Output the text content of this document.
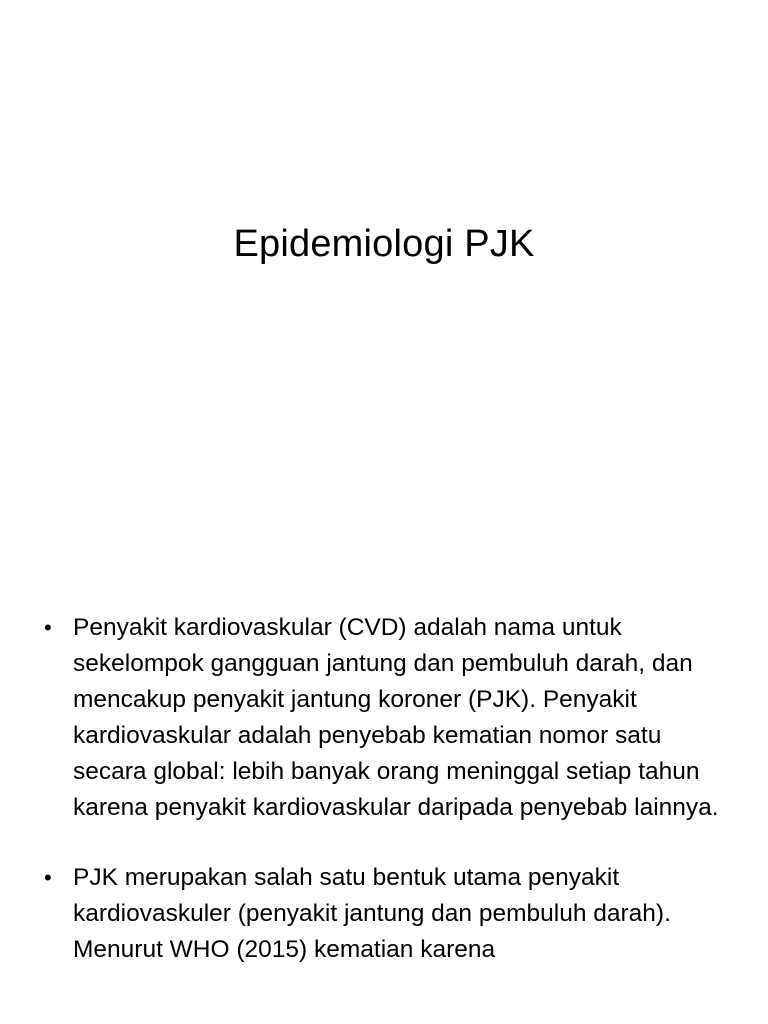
Epidemiologi PJK
• Penyakit kardiovaskular (CVD) adalah nama untuk sekelompok gangguan jantung dan pembuluh darah, dan mencakup penyakit jantung koroner (PJK). Penyakit kardiovaskular adalah penyebab kematian nomor satu secara global: lebih banyak orang meninggal setiap tahun karena penyakit kardiovaskular daripada penyebab lainnya.
• PJK merupakan salah satu bentuk utama penyakit kardiovaskuler (penyakit jantung dan pembuluh darah). Menurut WHO (2015) kematian karena
